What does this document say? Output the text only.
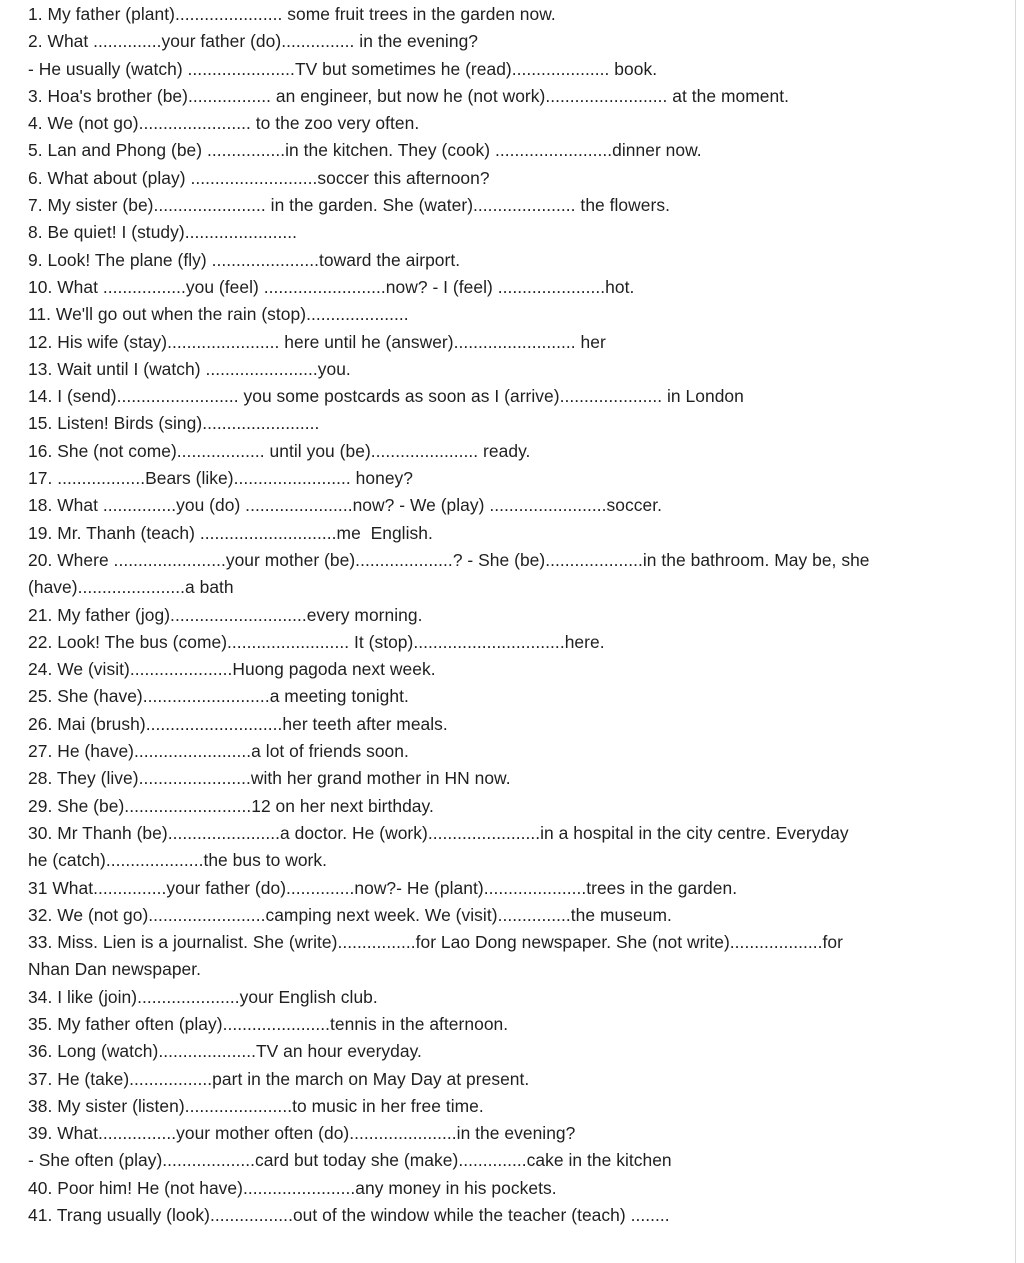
1. My father (plant)...................... some fruit trees in the garden now.
2. What ..............your father (do)............... in the evening?
- He usually (watch) ......................TV but sometimes he (read).................... book.
3. Hoa's brother (be)................. an engineer, but now he (not work)......................... at the moment.
4. We (not go)....................... to the zoo very often.
5. Lan and Phong (be) ................in the kitchen. They (cook) ........................dinner now.
6. What about (play) ..........................soccer this afternoon?
7. My sister (be)....................... in the garden. She (water)..................... the flowers.
8. Be quiet! I (study).......................
9. Look! The plane (fly) ......................toward the airport.
10. What .................you (feel) .........................now? - I (feel) ......................hot.
11. We'll go out when the rain (stop).....................
12. His wife (stay)....................... here until he (answer)......................... her
13. Wait until I (watch) .......................you.
14. I (send)......................... you some postcards as soon as I (arrive)..................... in London
15. Listen! Birds (sing)........................
16. She (not come).................. until you (be)...................... ready.
17. ..................Bears (like)........................ honey?
18. What ...............you (do) ......................now? - We (play) ........................soccer.
19. Mr. Thanh (teach) ............................me  English.
20. Where .......................your mother (be)....................? - She (be)....................in the bathroom. May be, she
(have)......................a bath
21. My father (jog)............................every morning.
22. Look! The bus (come)......................... It (stop)...............................here.
24. We (visit).....................Huong pagoda next week.
25. She (have)..........................a meeting tonight.
26. Mai (brush)............................her teeth after meals.
27. He (have)........................a lot of friends soon.
28. They (live).......................with her grand mother in HN now.
29. She (be)..........................12 on her next birthday.
30. Mr Thanh (be).......................a doctor. He (work).......................in a hospital in the city centre. Everyday
he (catch)....................the bus to work.
31 What...............your father (do)..............now?- He (plant).....................trees in the garden.
32. We (not go)........................camping next week. We (visit)...............the museum.
33. Miss. Lien is a journalist. She (write)................for Lao Dong newspaper. She (not write)...................for
Nhan Dan newspaper.
34. I like (join).....................your English club.
35. My father often (play)......................tennis in the afternoon.
36. Long (watch)....................TV an hour everyday.
37. He (take).................part in the march on May Day at present.
38. My sister (listen)......................to music in her free time.
39. What................your mother often (do)......................in the evening?
- She often (play)...................card but today she (make)..............cake in the kitchen
40. Poor him! He (not have).......................any money in his pockets.
41. Trang usually (look).................out of the window while the teacher (teach) ........
